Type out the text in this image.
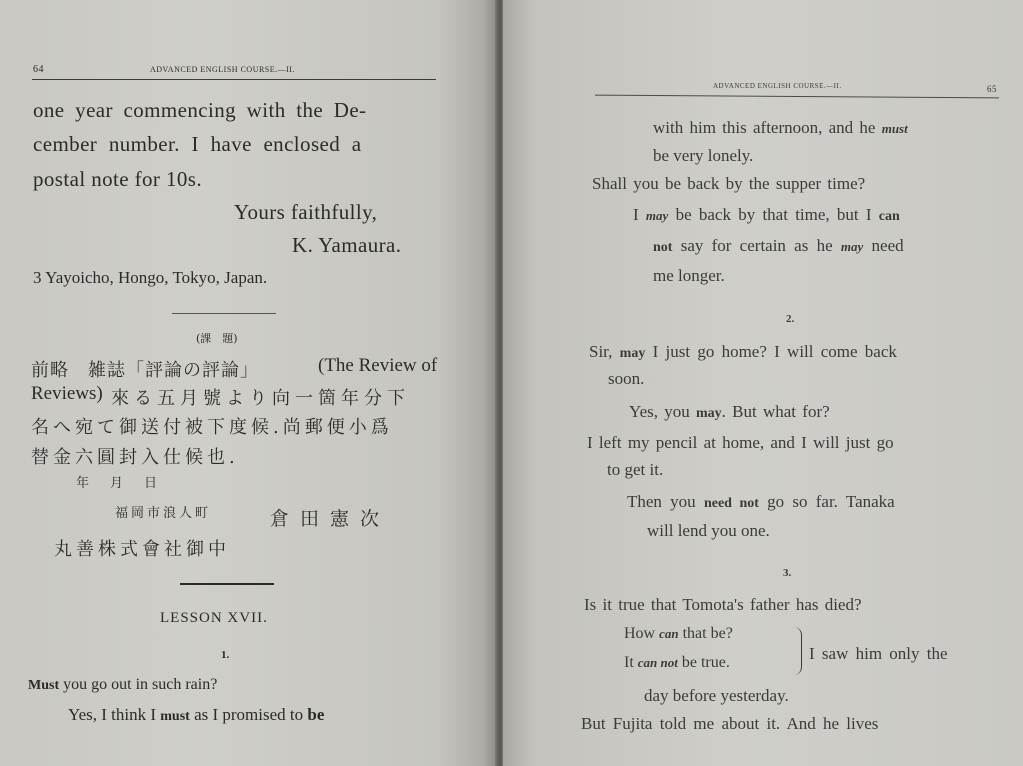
64	ADVANCED ENGLISH COURSE.—II.
one year commencing with the De-
cember number. I have enclosed a
postal note for 10s.
Yours faithfully,
K. Yamaura.
3 Yayoicho, Hongo, Tokyo, Japan.
(課　題)
前略　雑誌「評論の評論」	(The Review of
Reviews) 來る五月號より向一箇年分下
名へ宛て御送付被下度候.尚郵便小爲
替金六圓封入仕候也.
年　月　日
福岡市浪人町	倉田憲次
丸善株式會社御中
LESSON XVII.
1.
Must you go out in such rain?
Yes, I think I must as I promised to be
ADVANCED ENGLISH COURSE.—II.	65
with him this afternoon, and he must
be very lonely.
Shall you be back by the supper time?
I may be back by that time, but I can
not say for certain as he may need
me longer.
2.
Sir, may I just go home? I will come back
soon.
Yes, you may. But what for?
I left my pencil at home, and I will just go
to get it.
Then you need not go so far. Tanaka
will lend you one.
3.
Is it true that Tomota's father has died?
How can that be?
It can not be true.	I saw him only the
day before yesterday.
But Fujita told me about it. And he lives
